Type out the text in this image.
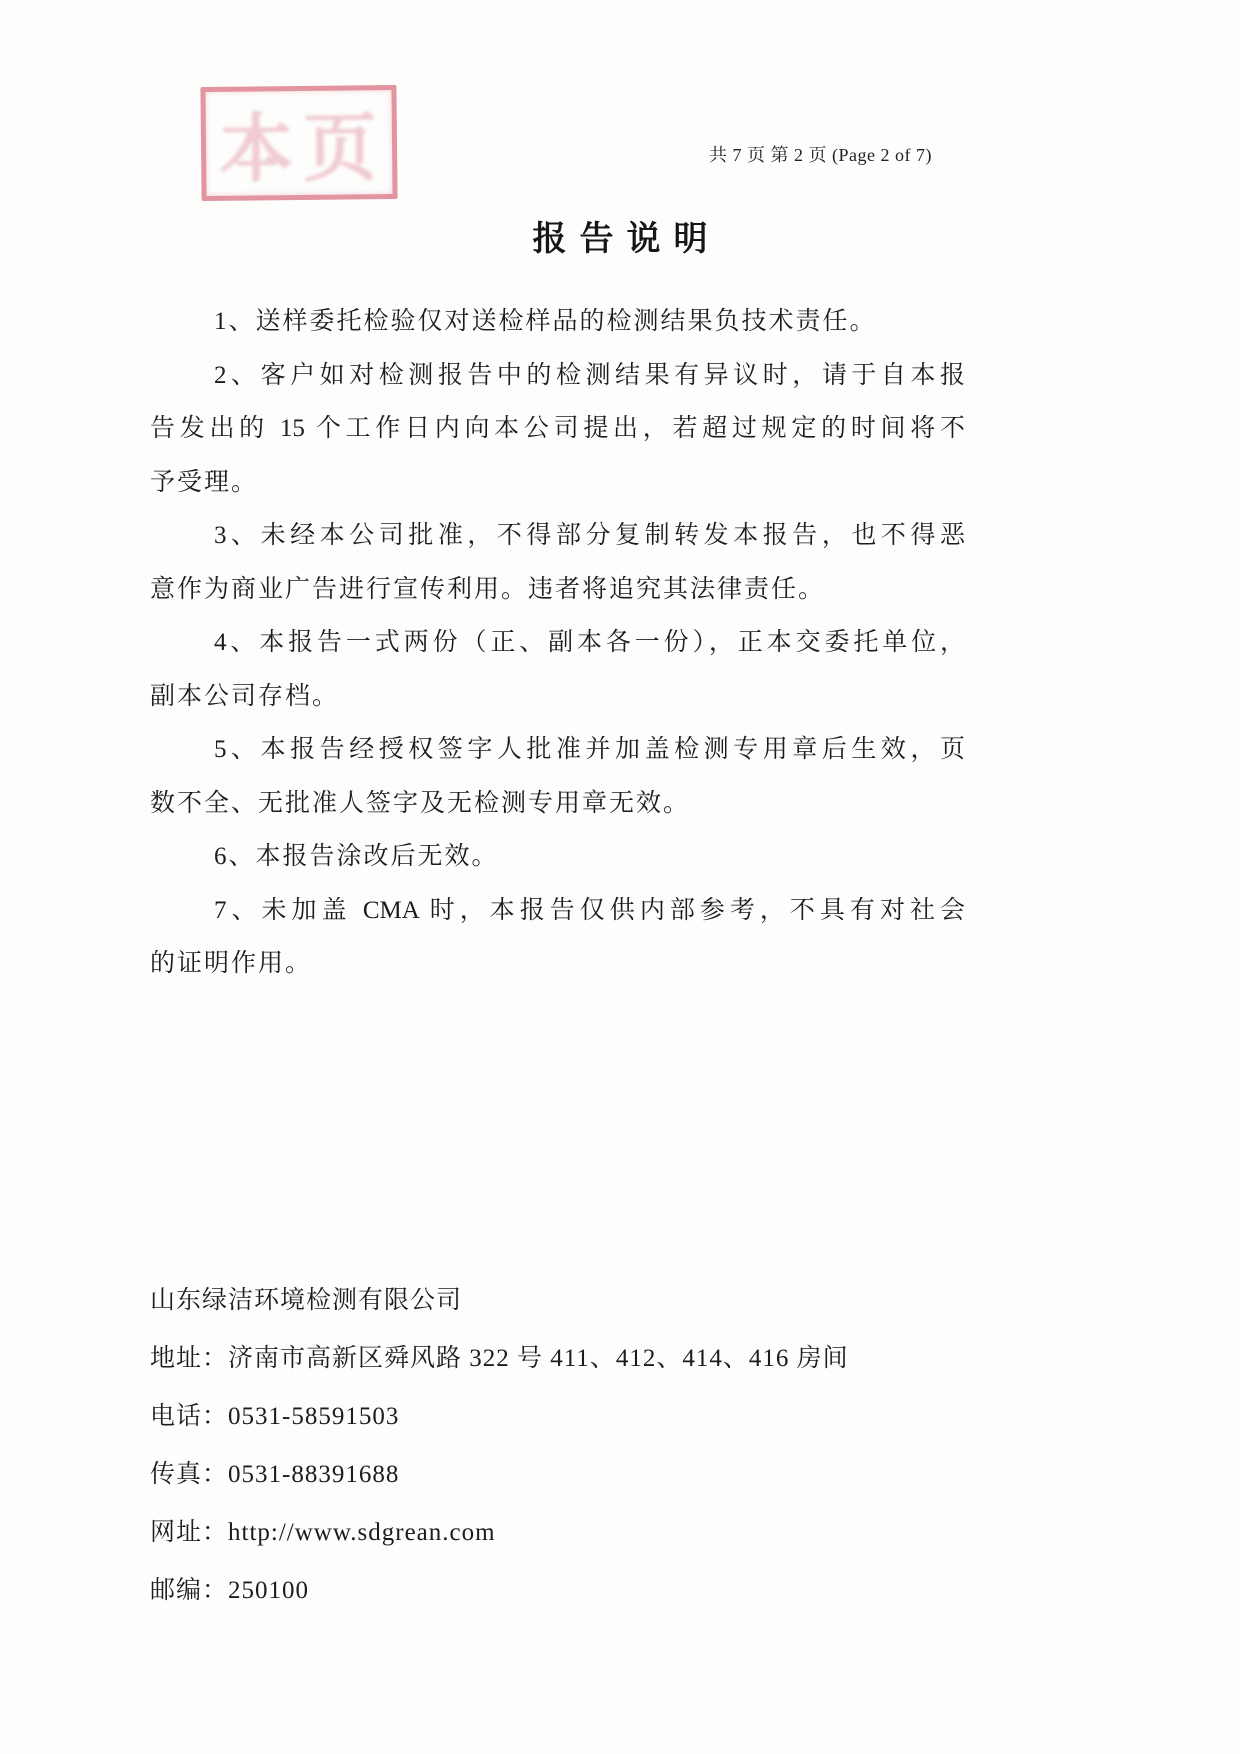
本页	共 7 页 第 2 页 (Page 2 of 7)
报告说明
1、送样委托检验仅对送检样品的检测结果负技术责任。
2、客户如对检测报告中的检测结果有异议时，请于自本报
告发出的 15 个工作日内向本公司提出，若超过规定的时间将不
予受理。
3、未经本公司批准，不得部分复制转发本报告，也不得恶
意作为商业广告进行宣传利用。违者将追究其法律责任。
4、本报告一式两份（正、副本各一份），正本交委托单位，
副本公司存档。
5、本报告经授权签字人批准并加盖检测专用章后生效，页
数不全、无批准人签字及无检测专用章无效。
6、本报告涂改后无效。
7、未加盖 CMA 时，本报告仅供内部参考，不具有对社会
的证明作用。
山东绿洁环境检测有限公司
地址：济南市高新区舜风路 322 号 411、412、414、416 房间
电话：0531-58591503
传真：0531-88391688
网址：http://www.sdgrean.com
邮编：250100
